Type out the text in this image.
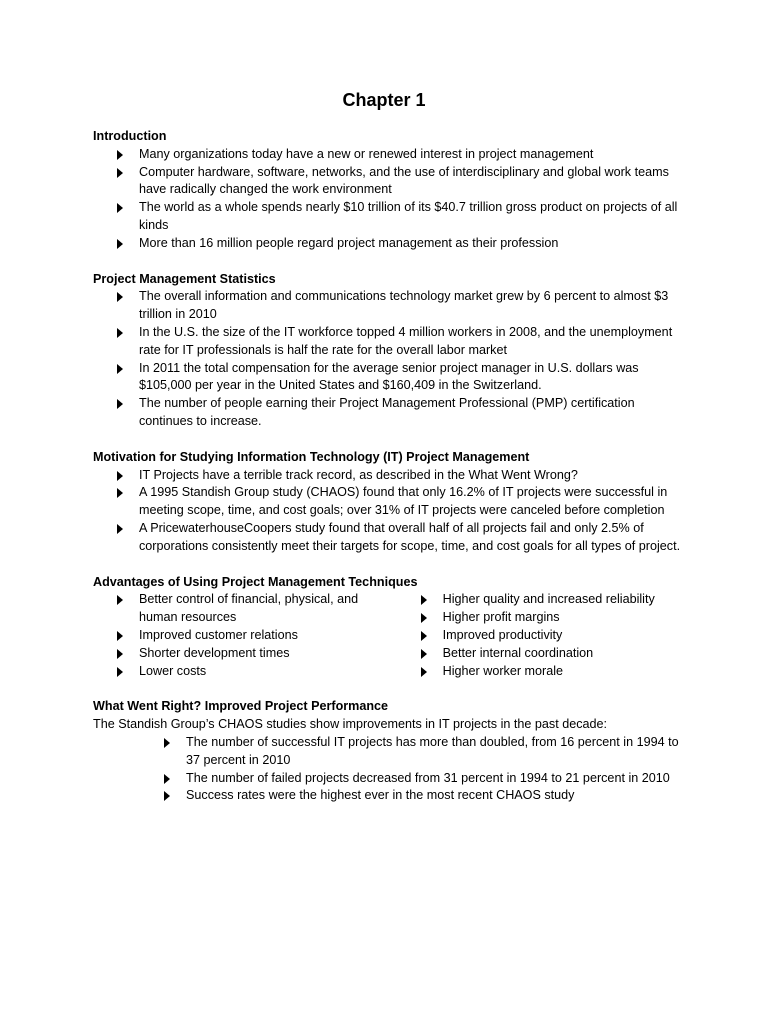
Chapter 1

Introduction

Many organizations today have a new or renewed interest in project management
Computer hardware, software, networks, and the use of interdisciplinary and global work teams have radically changed the work environment
The world as a whole spends nearly $10 trillion of its $40.7 trillion gross product on projects of all kinds
More than 16 million people regard project management as their profession

Project Management Statistics

The overall information and communications technology market grew by 6 percent to almost $3 trillion in 2010
In the U.S. the size of the IT workforce topped 4 million workers in 2008, and the unemployment rate for IT professionals is half the rate for the overall labor market
In 2011 the total compensation for the average senior project manager in U.S. dollars was $105,000 per year in the United States and $160,409 in the Switzerland.
The number of people earning their Project Management Professional (PMP) certification continues to increase.

Motivation for Studying Information Technology (IT) Project Management

IT Projects have a terrible track record, as described in the What Went Wrong?
A 1995 Standish Group study (CHAOS) found that only 16.2% of IT projects were successful in meeting scope, time, and cost goals; over 31% of IT projects were canceled before completion
A PricewaterhouseCoopers study found that overall half of all projects fail and only 2.5% of corporations consistently meet their targets for scope, time, and cost goals for all types of project.

Advantages of Using Project Management Techniques

Better control of financial, physical, and human resources
Improved customer relations
Shorter development times
Lower costs
Higher quality and increased reliability
Higher profit margins
Improved productivity
Better internal coordination
Higher worker morale

What Went Right? Improved Project Performance

The Standish Group’s CHAOS studies show improvements in IT projects in the past decade:

The number of successful IT projects has more than doubled, from 16 percent in 1994 to 37 percent in 2010
The number of failed projects decreased from 31 percent in 1994 to 21 percent in 2010
Success rates were the highest ever in the most recent CHAOS study
